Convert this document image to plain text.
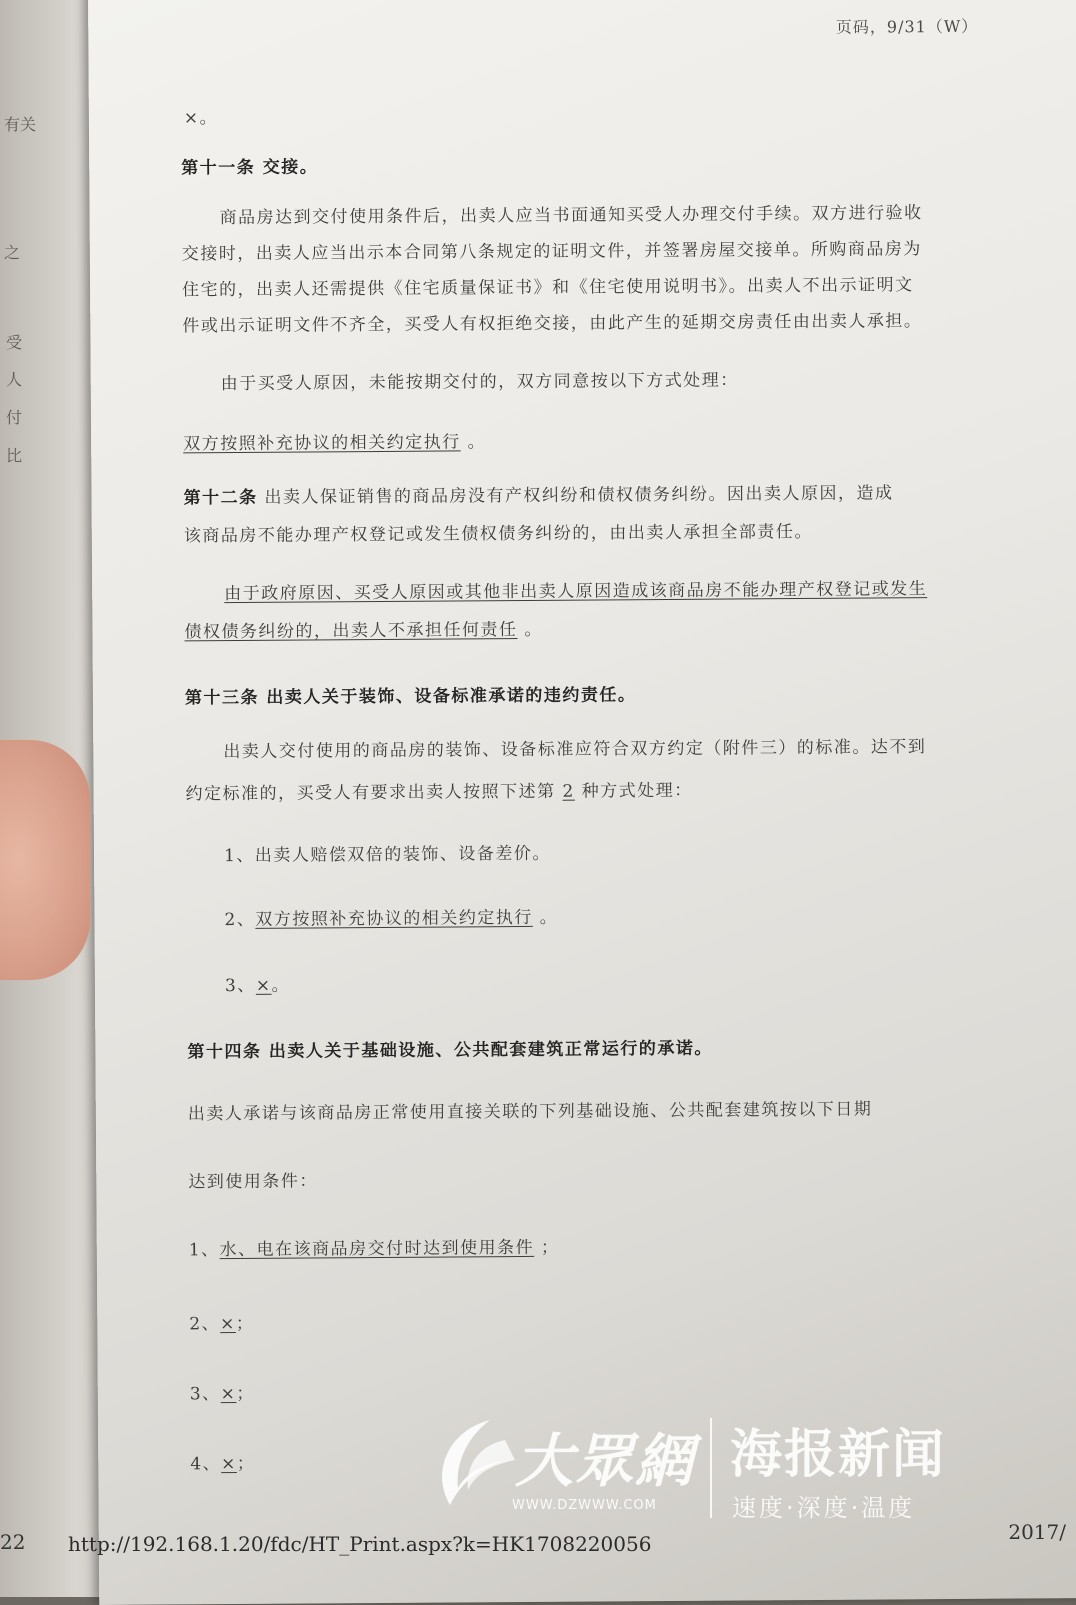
有关
之
受
人
付
比
页码，9/31（W）
×。
第十一条 交接。
商品房达到交付使用条件后，出卖人应当书面通知买受人办理交付手续。双方进行验收
交接时，出卖人应当出示本合同第八条规定的证明文件，并签署房屋交接单。所购商品房为
住宅的，出卖人还需提供《住宅质量保证书》和《住宅使用说明书》。出卖人不出示证明文
件或出示证明文件不齐全，买受人有权拒绝交接，由此产生的延期交房责任由出卖人承担。
由于买受人原因，未能按期交付的，双方同意按以下方式处理：
双方按照补充协议的相关约定执行 。
第十二条 出卖人保证销售的商品房没有产权纠纷和债权债务纠纷。因出卖人原因，造成
该商品房不能办理产权登记或发生债权债务纠纷的，由出卖人承担全部责任。
由于政府原因、买受人原因或其他非出卖人原因造成该商品房不能办理产权登记或发生
债权债务纠纷的，出卖人不承担任何责任 。
第十三条 出卖人关于装饰、设备标准承诺的违约责任。
出卖人交付使用的商品房的装饰、设备标准应符合双方约定（附件三）的标准。达不到
约定标准的，买受人有要求出卖人按照下述第 2 种方式处理：
1、出卖人赔偿双倍的装饰、设备差价。
2、双方按照补充协议的相关约定执行 。
3、×。
第十四条 出卖人关于基础设施、公共配套建筑正常运行的承诺。
出卖人承诺与该商品房正常使用直接关联的下列基础设施、公共配套建筑按以下日期
达到使用条件：
1、水、电在该商品房交付时达到使用条件 ；
2、×；
3、×；
4、×；
22 http://192.168.1.20/fdc/HT_Print.aspx?k=HK1708220056	2017/
大眾網
WWW.DZWWW.COM
海报新闻
速度·深度·温度
